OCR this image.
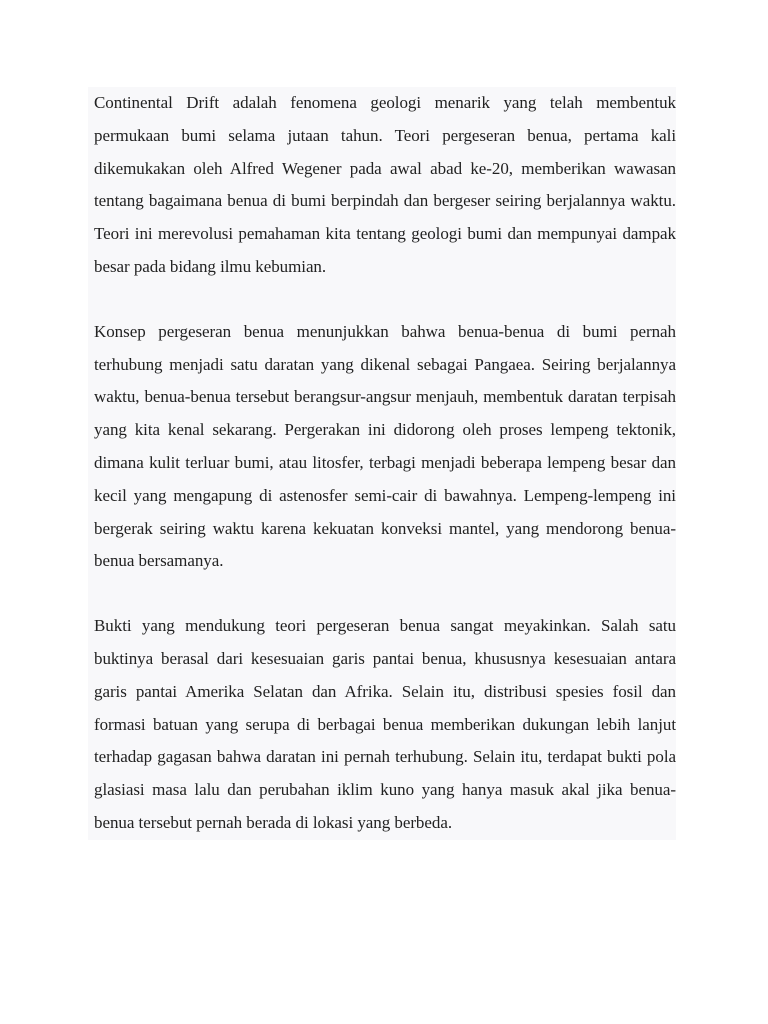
Continental Drift adalah fenomena geologi menarik yang telah membentuk permukaan bumi selama jutaan tahun. Teori pergeseran benua, pertama kali dikemukakan oleh Alfred Wegener pada awal abad ke-20, memberikan wawasan tentang bagaimana benua di bumi berpindah dan bergeser seiring berjalannya waktu. Teori ini merevolusi pemahaman kita tentang geologi bumi dan mempunyai dampak besar pada bidang ilmu kebumian.

Konsep pergeseran benua menunjukkan bahwa benua-benua di bumi pernah terhubung menjadi satu daratan yang dikenal sebagai Pangaea. Seiring berjalannya waktu, benua-benua tersebut berangsur-angsur menjauh, membentuk daratan terpisah yang kita kenal sekarang. Pergerakan ini didorong oleh proses lempeng tektonik, dimana kulit terluar bumi, atau litosfer, terbagi menjadi beberapa lempeng besar dan kecil yang mengapung di astenosfer semi-cair di bawahnya. Lempeng-lempeng ini bergerak seiring waktu karena kekuatan konveksi mantel, yang mendorong benua-benua bersamanya.

Bukti yang mendukung teori pergeseran benua sangat meyakinkan. Salah satu buktinya berasal dari kesesuaian garis pantai benua, khususnya kesesuaian antara garis pantai Amerika Selatan dan Afrika. Selain itu, distribusi spesies fosil dan formasi batuan yang serupa di berbagai benua memberikan dukungan lebih lanjut terhadap gagasan bahwa daratan ini pernah terhubung. Selain itu, terdapat bukti pola glasiasi masa lalu dan perubahan iklim kuno yang hanya masuk akal jika benua-benua tersebut pernah berada di lokasi yang berbeda.
